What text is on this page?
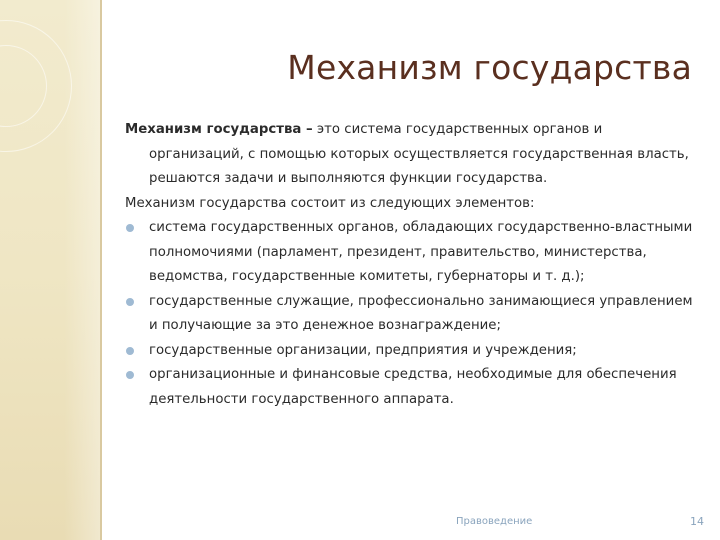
Механизм государства

Механизм государства – это система государственных органов и организаций, с помощью которых осуществляется государственная власть, решаются задачи и выполняются функции государства.

Механизм государства состоит из следующих элементов:

система государственных органов, обладающих государственно-властными полномочиями (парламент, президент, правительство, министерства, ведомства, государственные комитеты, губернаторы и т. д.);
государственные служащие, профессионально занимающиеся управлением и получающие за это денежное вознаграждение;
государственные организации, предприятия и учреждения;
организационные и финансовые средства, необходимые для обеспечения деятельности государственного аппарата.
Правоведение	14
